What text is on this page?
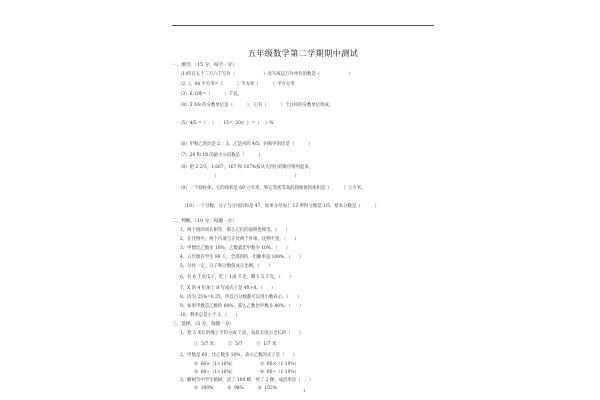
五年级数学第二学期期中测试
一、填空。（15 分，每空一分）
（1)四百五十三万六千写作（                    ）改写成以万作单位的数是（                    ）
（2  ）、04 平方米=（          ）平方米（          ）平方分米
（3）6. 6吨=（          ）千克。
（4）3 3/8 的分数单位是（          ），它有（          ）个这样的分数单位组成。
（5）4/5 =（    ）  ：15=  20/(  )  =（    ）%
（6）甲和乙的比是 2 ：3，乙是丙的 4/5，丙和甲的比是（          ）
（7）24 和 18 的最小公倍数是（          ）
（8）把 2 2/3，1.667，167 和 167%按从大到小的顺序排列起来。
（                                                        ）
（9）一个圆柱体，它的体积是 60 立方米，和它等底等高的圆锥体的体积是（          ）立方米。
（10）一个分数，分子与分母的和是 47，如果分母加上 13 所得分数是 1/5，原来分数是（          ）
二、判断。（10 分，每题一分）
1、两个圆的周长相等，那么它们的面积也相等。（      ）
2、在比例中，两个内项与正比两个外项，比例不变。（      ）
3、甲数比乙数多 10%，乙数就比甲数少 10%。（      ）
4、五年级有学生 98 人，全部到校，出勤率是 100%。（      ）
5、分母一定，分子和分数值成正比例。（      ）
6、有 6 千克瓜子，吃了 1/6 千克，剩下 5 千克。（      ）
7、X 的 4 倍加上 8 写成式子是 4X+8。（      ）
8、因为 25%=0.25，所以百分数都可以用小数表示。（      ）
9、如果甲数是乙数的 60%，那么乙数比甲数多 40%。（      ）
10、利率总是小于 1。（      ）
三、选择。（5 分，每题一分）
1、把 5 米长的绳子平均分成 7 段，每段长度占全长的（      ）
①  5/7 米          ②  5/7          ③  1/7 米
2、甲数是 60，比乙数多 10%，表示乙数的式子是（      ）
①  60×（1+10%）                  ②  60×（1-10%）
③  60÷（1+10%）                  ④  60÷（1-10%）
3、糖树节中学生植树，活了 100 棵，死了 2 棵，成活率是（      ）
①  100%          ②  98%          ③  102%	1
